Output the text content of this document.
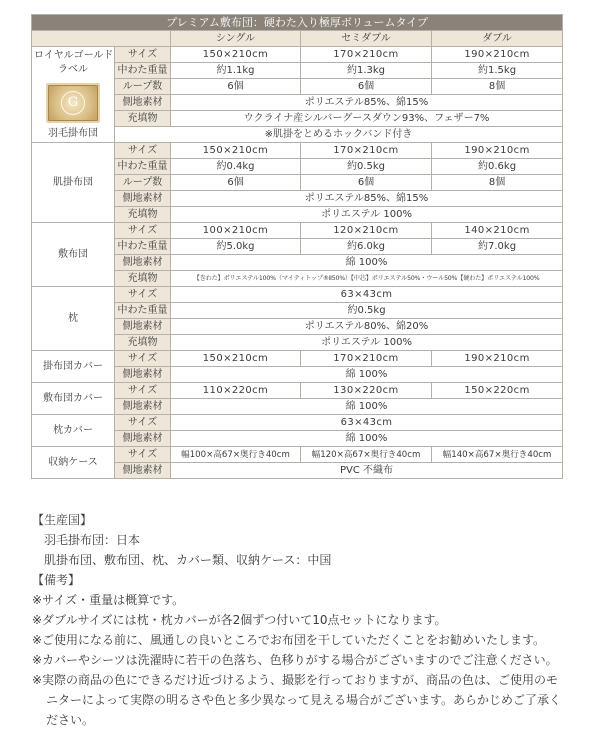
プレミアム敷布団：硬わた入り極厚ボリュームタイプ				
		シングル	セミダブル	ダブル

ロイヤルゴールド
ラベル
G
羽毛掛布団	サイズ	150×210cm	170×210cm	190×210cm
	中わた重量	約1.1kg	約1.3kg	約1.5kg
	ループ数	6個	6個	8個
	側地素材	ポリエステル85%、綿15%		
	充填物	ウクライナ産シルバーグースダウン93%、フェザー7%		
	※肌掛をとめるホックバンド付き			
肌掛布団	サイズ	150×210cm	170×210cm	190×210cm
	中わた重量	約0.4kg	約0.5kg	約0.6kg
	ループ数	6個	6個	8個
	側地素材	ポリエステル85%、綿15%		
	充填物	ポリエステル 100%		
敷布団	サイズ	100×210cm	120×210cm	140×210cm
	中わた重量	約5.0kg	約6.0kg	約7.0kg
	側地素材	綿 100%		
	充填物	【巻わた】ポリエステル100%（マイティトップ®Ⅱ50%）【中芯】ポリエステル50%・ウール50%【硬わた】ポリエステル100%		
枕	サイズ	63×43cm		
	中わた重量	約0.5kg		
	側地素材	ポリエステル80%、綿20%		
	充填物	ポリエステル 100%		
掛布団カバー	サイズ	150×210cm	170×210cm	190×210cm
	側地素材	綿 100%		
敷布団カバー	サイズ	110×220cm	130×220cm	150×220cm
	側地素材	綿 100%		
枕カバー	サイズ	63×43cm		
	側地素材	綿 100%		
収納ケース	サイズ	幅100×高67×奥行き40cm	幅120×高67×奥行き40cm	幅140×高67×奥行き40cm
	側地素材	PVC 不織布		
【生産国】
羽毛掛布団：日本
肌掛布団、敷布団、枕、カバー類、収納ケース：中国
【備考】
※サイズ・重量は概算です。
※ダブルサイズには枕・枕カバーが各2個ずつ付いて10点セットになります。
※ご使用になる前に、風通しの良いところでお布団を干していただくことをお勧めいたします。
※カバーやシーツは洗濯時に若干の色落ち、色移りがする場合がございますのでご注意ください。
※実際の商品の色にできるだけ近づけるよう、撮影を行っておりますが、商品の色は、ご使用のモニターによって実際の明るさや色と多少異なって見える場合がございます。あらかじめご了承ください。
